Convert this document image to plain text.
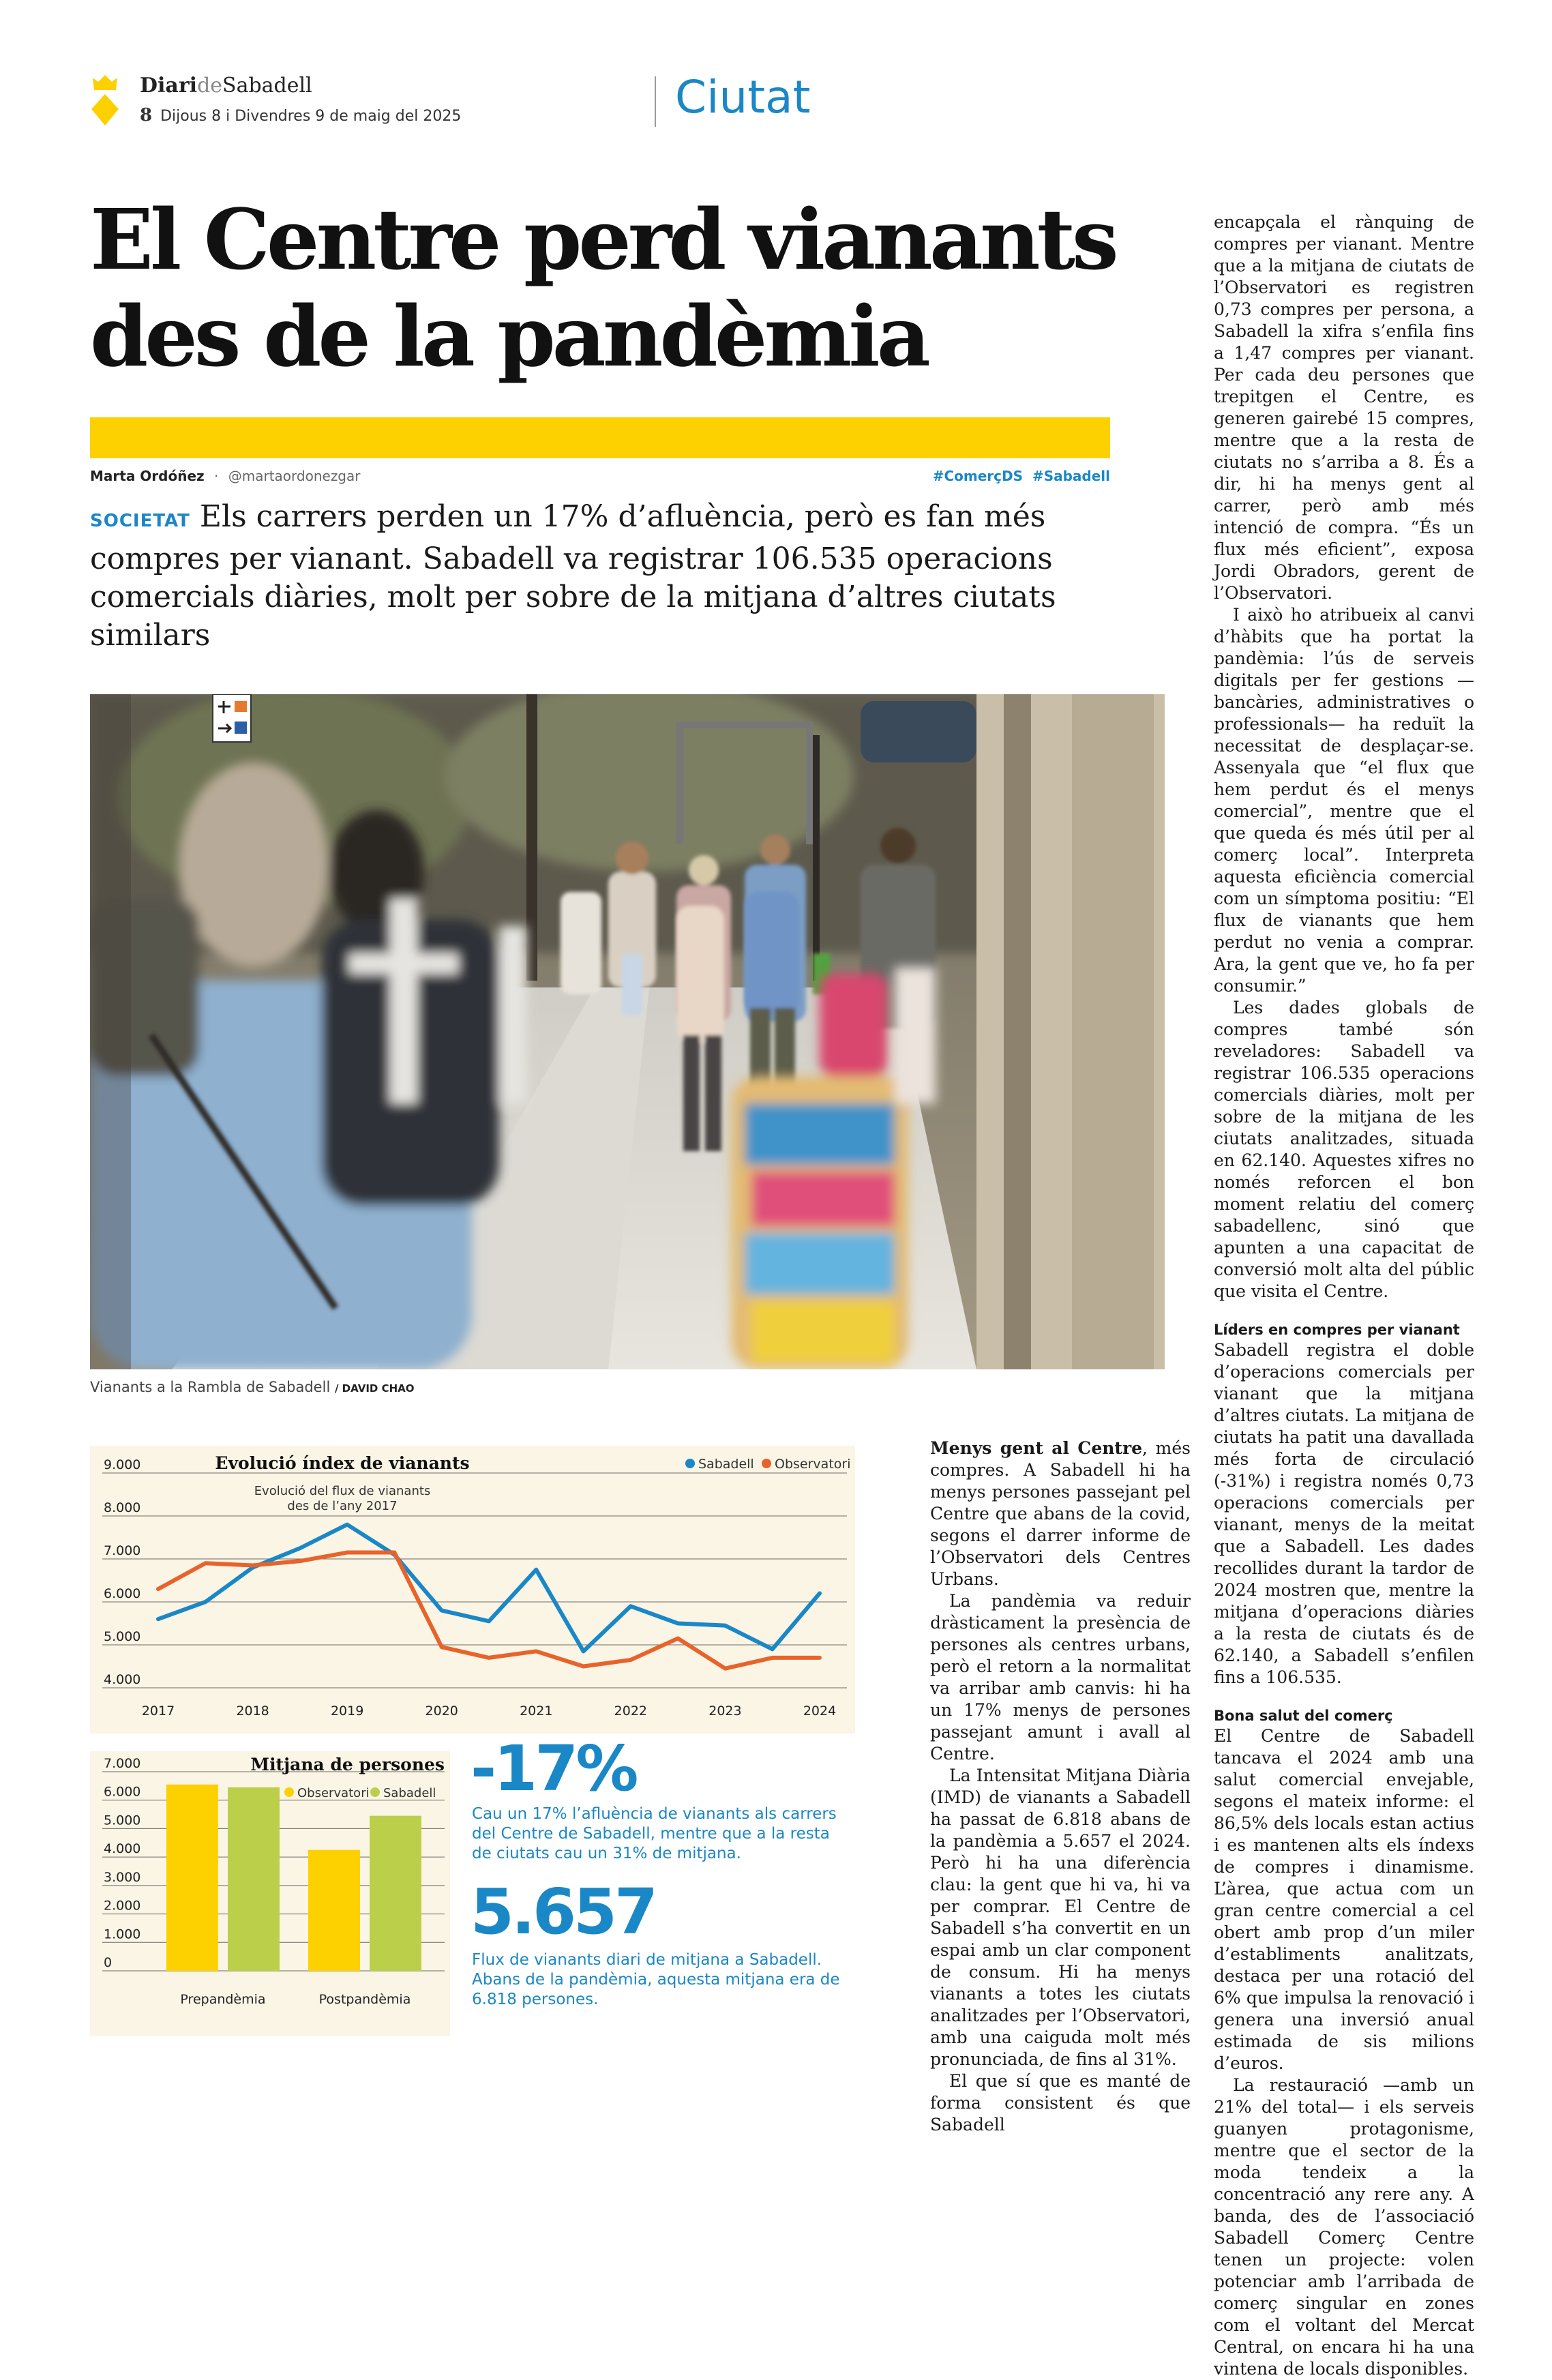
DiarideSabadell
8 Dijous 8 i Divendres 9 de maig del 2025	Ciutat
El Centre perd vianants
des de la pandèmia
Marta Ordóñez · @martaordonezgar	#ComerçDS  #Sabadell
SOCIETAT Els carrers perden un 17% d’afluència, però es fan més compres per vianant. Sabadell va registrar 106.535 operacions comercials diàries, molt per sobre de la mitjana d’altres ciutats similars
Vianants a la Rambla de Sabadell / DAVID CHAO

encapçala el rànquing de compres per vianant. Mentre que a la mitjana de ciutats de l’Observatori es registren 0,73 compres per persona, a Sabadell la xifra s’enfila fins a 1,47 compres per vianant. Per cada deu persones que trepitgen el Centre, es generen gairebé 15 compres, mentre que a la resta de ciutats no s’arriba a 8. És a dir, hi ha menys gent al carrer, però amb més intenció de compra. “És un flux més eficient”, exposa Jordi Obradors, gerent de l’Observatori.

I això ho atribueix al canvi d’hàbits que ha portat la pandèmia: l’ús de serveis digitals per fer gestions —bancàries, administratives o professionals— ha reduït la necessitat de desplaçar-se. Assenyala que “el flux que hem perdut és el menys comercial”, mentre que el que queda és més útil per al comerç local”. Interpreta aquesta eficiència comercial com un símptoma positiu: “El flux de vianants que hem perdut no venia a comprar. Ara, la gent que ve, ho fa per consumir.”

Les dades globals de compres també són reveladores: Sabadell va registrar 106.535 operacions comercials diàries, molt per sobre de la mitjana de les ciutats analitzades, situada en 62.140. Aquestes xifres no només reforcen el bon moment relatiu del comerç sabadellenc, sinó que apunten a una capacitat de conversió molt alta del públic que visita el Centre.

Líders en compres per vianant

Sabadell registra el doble d’operacions comercials per vianant que la mitjana d’altres ciutats. La mitjana de ciutats ha patit una davallada més forta de circulació (-31%) i registra només 0,73 operacions comercials per vianant, menys de la meitat que a Sabadell. Les dades recollides durant la tardor de 2024 mostren que, mentre la mitjana d’operacions diàries a la resta de ciutats és de 62.140, a Sabadell s’enfilen fins a 106.535.

Bona salut del comerç

El Centre de Sabadell tancava el 2024 amb una salut comercial envejable, segons el mateix informe: el 86,5% dels locals estan actius i es mantenen alts els índexs de compres i dinamisme. L’àrea, que actua com un gran centre comercial a cel obert amb prop d’un miler d’establiments analitzats, destaca per una rotació del 6% que impulsa la renovació i genera una inversió anual estimada de sis milions d’euros.

La restauració —amb un 21% del total— i els serveis guanyen protagonisme, mentre que el sector de la moda tendeix a la concentració any rere any. A banda, des de l’associació Sabadell Comerç Centre tenen un projecte: volen potenciar amb l’arribada de comerç singular en zones com el voltant del Mercat Central, on encara hi ha una vintena de locals disponibles.

Menys gent al Centre, més compres. A Sabadell hi ha menys persones passejant pel Centre que abans de la covid, segons el darrer informe de l’Observatori dels Centres Urbans.

La pandèmia va reduir dràsticament la presència de persones als centres urbans, però el retorn a la normalitat va arribar amb canvis: hi ha un 17% menys de persones passejant amunt i avall al Centre.

La Intensitat Mitjana Diària (IMD) de vianants a Sabadell ha passat de 6.818 abans de la pandèmia a 5.657 el 2024. Però hi ha una diferència clau: la gent que hi va, hi va per comprar. El Centre de Sabadell s’ha convertit en un espai amb un clar component de consum. Hi ha menys vianants a totes les ciutats analitzades per l’Observatori, amb una caiguda molt més pronunciada, de fins al 31%.

El que sí que es manté de forma consistent és que Sabadell

9.000
8.000
7.000
6.000
5.000
4.000
2017	2018	2019	2020	2021	2022	2023	2024
Evolució índex de vianants
Evolució del flux de vianants
des de l’any 2017
Sabadell Observatori
7.000
6.000
5.000
4.000
3.000
2.000
1.000
0
Mitjana de persones
Observatori Sabadell
Prepandèmia	Postpandèmia
-17%
Cau un 17% l’afluència de vianants als carrers del Centre de Sabadell, mentre que a la resta de ciutats cau un 31% de mitjana.
5.657
Flux de vianants diari de mitjana a Sabadell. Abans de la pandèmia, aquesta mitjana era de 6.818 persones.
